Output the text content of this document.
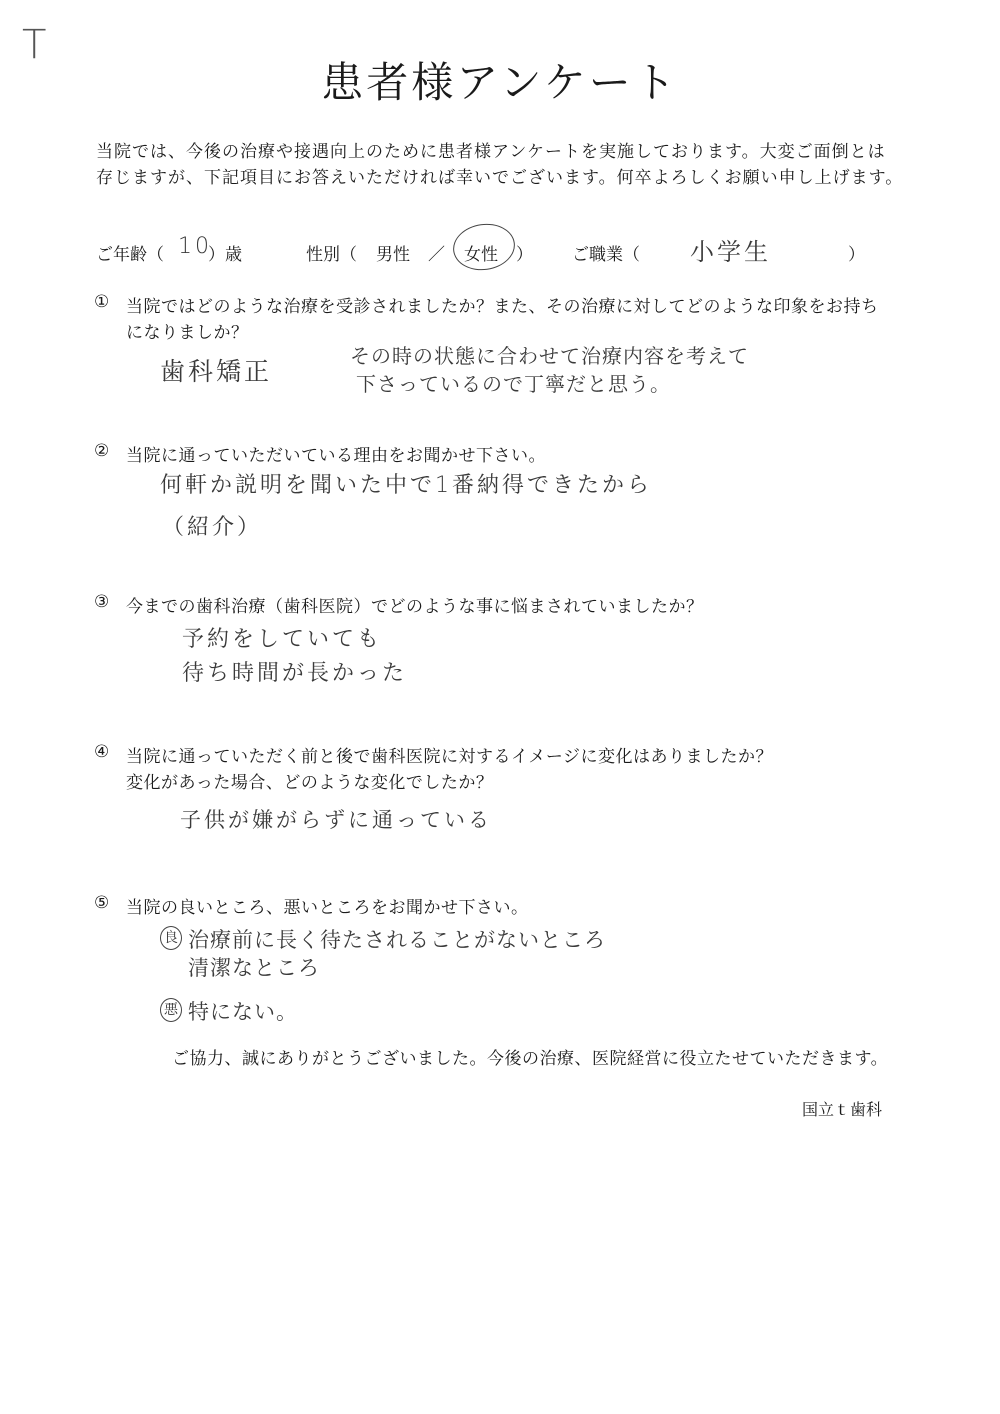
T
患者様アンケート
当院では、今後の治療や接遇向上のために患者様アンケートを実施しております。大変ご面倒とは
存じますが、下記項目にお答えいただければ幸いでございます。何卒よろしくお願い申し上げます。
ご年齢（ 10
）歳	性別（ 男性 ／ 女性 ） ご職業（ 小学生	）
① 当院ではどのような治療を受診されましたか？また、その治療に対してどのような印象をお持ち
になりましか？
歯科矯正
その時の状態に合わせて治療内容を考えて
下さっているので丁寧だと思う。
② 当院に通っていただいている理由をお聞かせ下さい。
何軒か説明を聞いた中で1番納得できたから
（紹介）
③ 今までの歯科治療（歯科医院）でどのような事に悩まされていましたか？
予約をしていても
待ち時間が長かった
④ 当院に通っていただく前と後で歯科医院に対するイメージに変化はありましたか？
変化があった場合、どのような変化でしたか？
子供が嫌がらずに通っている
⑤ 当院の良いところ、悪いところをお聞かせ下さい。
良 治療前に長く待たされることがないところ
清潔なところ
悪 特にない。
ご協力、誠にありがとうございました。今後の治療、医院経営に役立たせていただきます。
国立ｔ歯科
